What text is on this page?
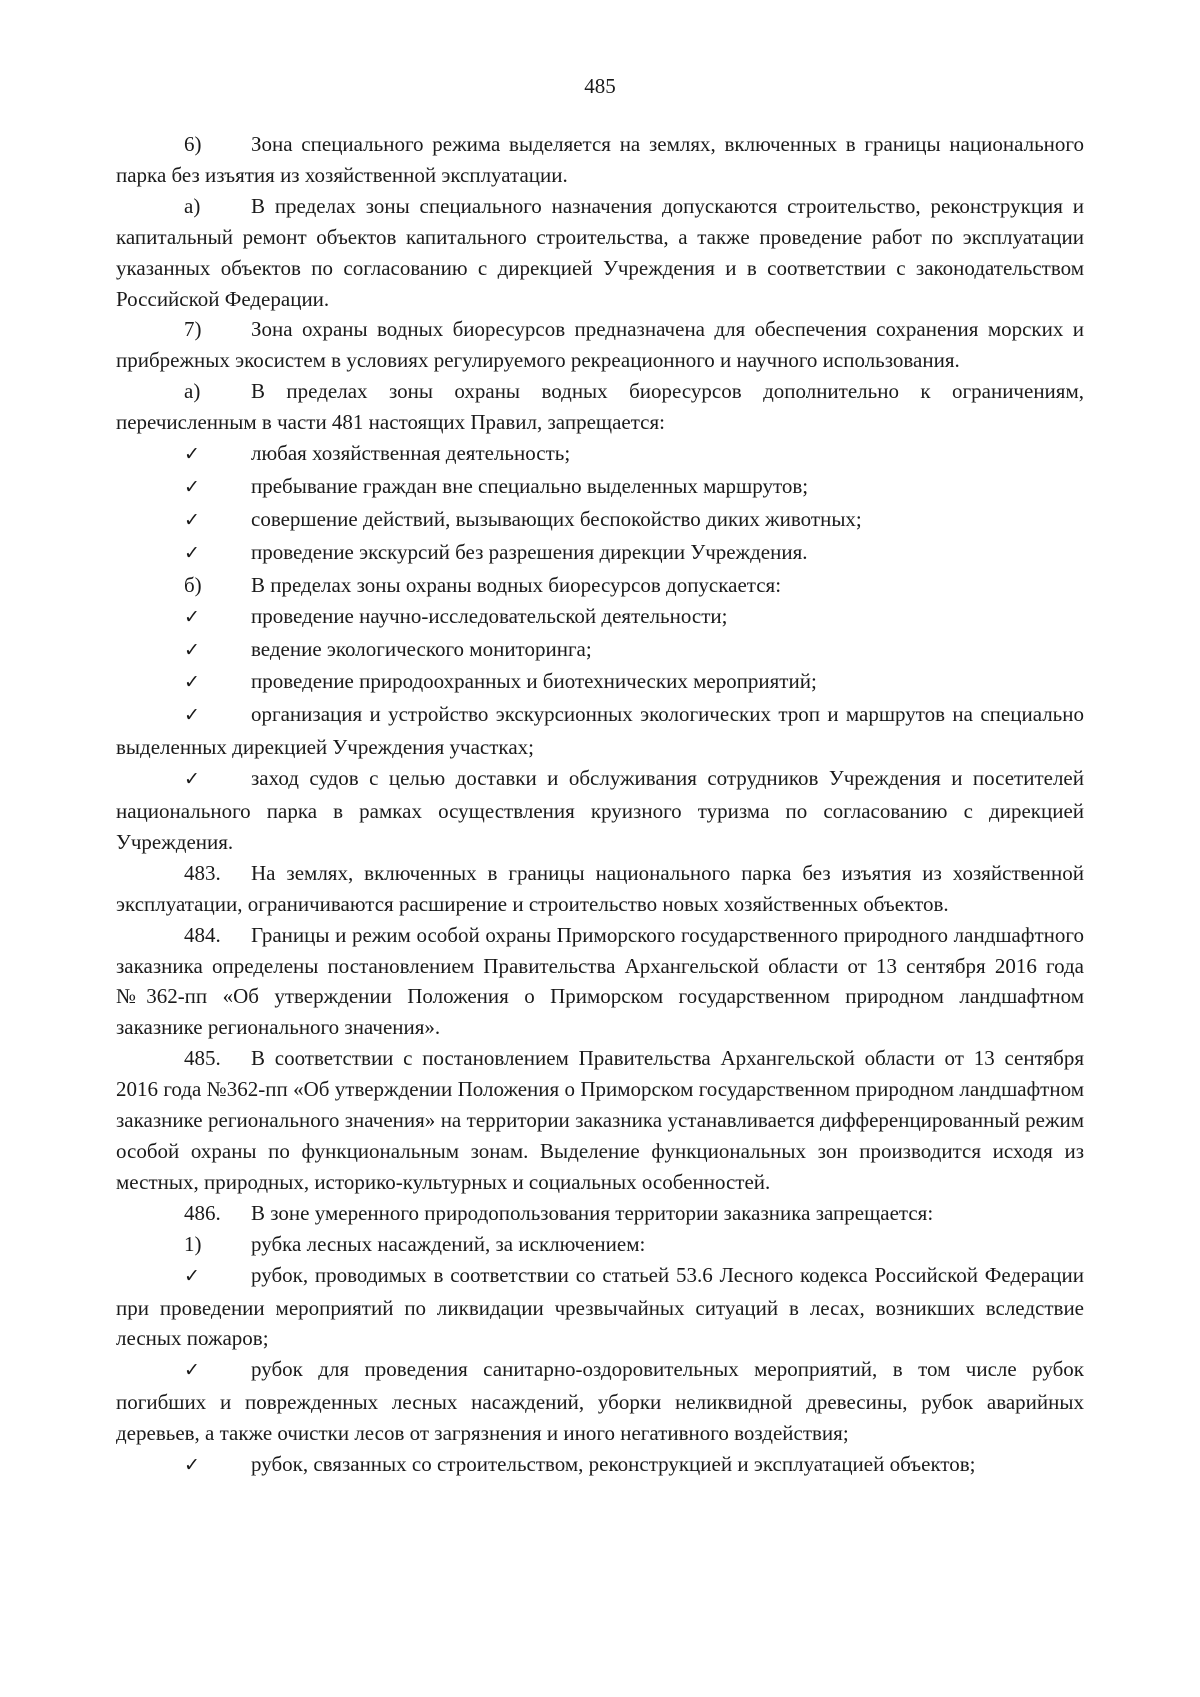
485

6) Зона специального режима выделяется на землях, включенных в границы национального парка без изъятия из хозяйственной эксплуатации.

а) В пределах зоны специального назначения допускаются строительство, реконструкция и капитальный ремонт объектов капитального строительства, а также проведение работ по эксплуатации указанных объектов по согласованию с дирекцией Учреждения и в соответствии с законодательством Российской Федерации.

7) Зона охраны водных биоресурсов предназначена для обеспечения сохранения морских и прибрежных экосистем в условиях регулируемого рекреационного и научного использования.

а) В пределах зоны охраны водных биоресурсов дополнительно к ограничениям, перечисленным в части 481 настоящих Правил, запрещается:

✓ любая хозяйственная деятельность;

✓ пребывание граждан вне специально выделенных маршрутов;

✓ совершение действий, вызывающих беспокойство диких животных;

✓ проведение экскурсий без разрешения дирекции Учреждения.

б) В пределах зоны охраны водных биоресурсов допускается:

✓ проведение научно-исследовательской деятельности;

✓ ведение экологического мониторинга;

✓ проведение природоохранных и биотехнических мероприятий;

✓ организация и устройство экскурсионных экологических троп и маршрутов на специально выделенных дирекцией Учреждения участках;

✓ заход судов с целью доставки и обслуживания сотрудников Учреждения и посетителей национального парка в рамках осуществления круизного туризма по согласованию с дирекцией Учреждения.

483. На землях, включенных в границы национального парка без изъятия из хозяйственной эксплуатации, ограничиваются расширение и строительство новых хозяйственных объектов.

484. Границы и режим особой охраны Приморского государственного природного ландшафтного заказника определены постановлением Правительства Архангельской области от 13 сентября 2016 года №362-пп «Об утверждении Положения о Приморском государственном природном ландшафтном заказнике регионального значения».

485. В соответствии с постановлением Правительства Архангельской области от 13 сентября 2016 года №362-пп «Об утверждении Положения о Приморском государственном природном ландшафтном заказнике регионального значения» на территории заказника устанавливается дифференцированный режим особой охраны по функциональным зонам. Выделение функциональных зон производится исходя из местных, природных, историко-культурных и социальных особенностей.

486. В зоне умеренного природопользования территории заказника запрещается:

1) рубка лесных насаждений, за исключением:

✓ рубок, проводимых в соответствии со статьей 53.6 Лесного кодекса Российской Федерации при проведении мероприятий по ликвидации чрезвычайных ситуаций в лесах, возникших вследствие лесных пожаров;

✓ рубок для проведения санитарно-оздоровительных мероприятий, в том числе рубок погибших и поврежденных лесных насаждений, уборки неликвидной древесины, рубок аварийных деревьев, а также очистки лесов от загрязнения и иного негативного воздействия;

✓ рубок, связанных со строительством, реконструкцией и эксплуатацией объектов;
